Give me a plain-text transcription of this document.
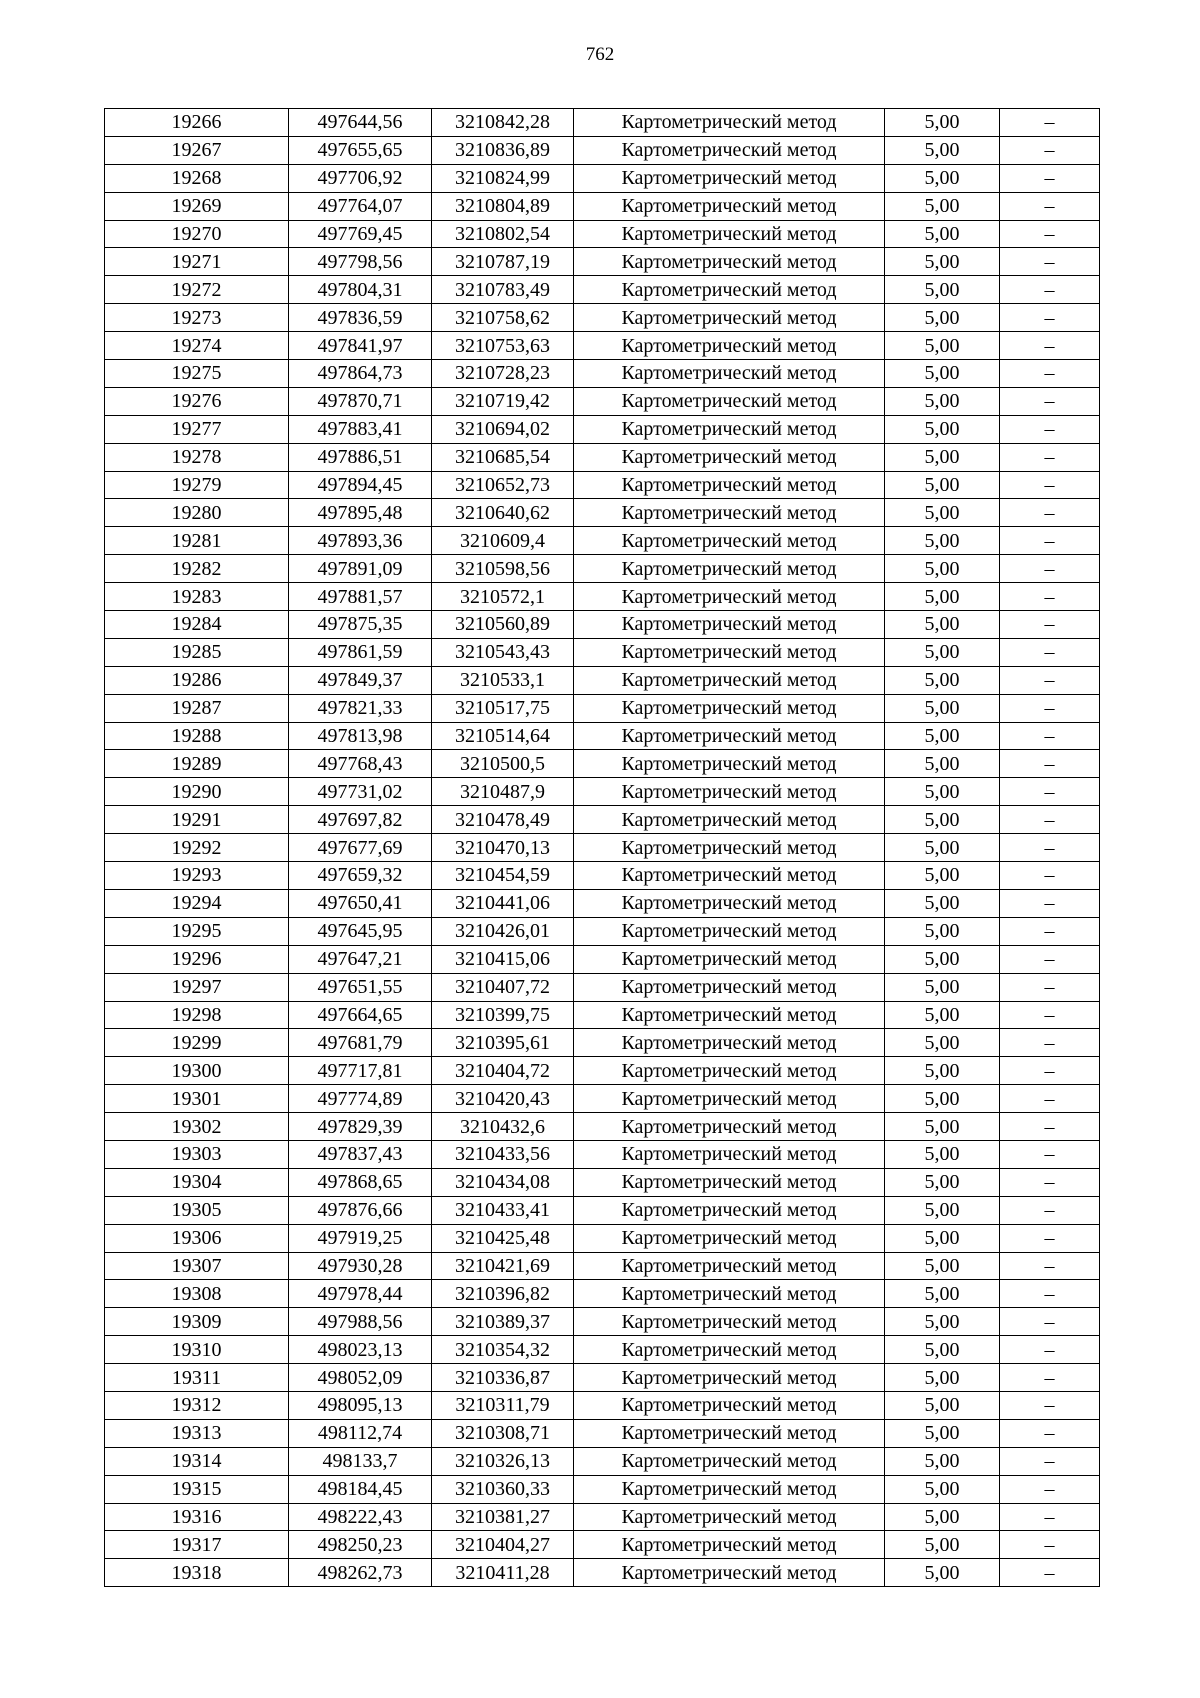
762
19266	497644,56	3210842,28	Картометрический метод	5,00	–
19267	497655,65	3210836,89	Картометрический метод	5,00	–
19268	497706,92	3210824,99	Картометрический метод	5,00	–
19269	497764,07	3210804,89	Картометрический метод	5,00	–
19270	497769,45	3210802,54	Картометрический метод	5,00	–
19271	497798,56	3210787,19	Картометрический метод	5,00	–
19272	497804,31	3210783,49	Картометрический метод	5,00	–
19273	497836,59	3210758,62	Картометрический метод	5,00	–
19274	497841,97	3210753,63	Картометрический метод	5,00	–
19275	497864,73	3210728,23	Картометрический метод	5,00	–
19276	497870,71	3210719,42	Картометрический метод	5,00	–
19277	497883,41	3210694,02	Картометрический метод	5,00	–
19278	497886,51	3210685,54	Картометрический метод	5,00	–
19279	497894,45	3210652,73	Картометрический метод	5,00	–
19280	497895,48	3210640,62	Картометрический метод	5,00	–
19281	497893,36	3210609,4	Картометрический метод	5,00	–
19282	497891,09	3210598,56	Картометрический метод	5,00	–
19283	497881,57	3210572,1	Картометрический метод	5,00	–
19284	497875,35	3210560,89	Картометрический метод	5,00	–
19285	497861,59	3210543,43	Картометрический метод	5,00	–
19286	497849,37	3210533,1	Картометрический метод	5,00	–
19287	497821,33	3210517,75	Картометрический метод	5,00	–
19288	497813,98	3210514,64	Картометрический метод	5,00	–
19289	497768,43	3210500,5	Картометрический метод	5,00	–
19290	497731,02	3210487,9	Картометрический метод	5,00	–
19291	497697,82	3210478,49	Картометрический метод	5,00	–
19292	497677,69	3210470,13	Картометрический метод	5,00	–
19293	497659,32	3210454,59	Картометрический метод	5,00	–
19294	497650,41	3210441,06	Картометрический метод	5,00	–
19295	497645,95	3210426,01	Картометрический метод	5,00	–
19296	497647,21	3210415,06	Картометрический метод	5,00	–
19297	497651,55	3210407,72	Картометрический метод	5,00	–
19298	497664,65	3210399,75	Картометрический метод	5,00	–
19299	497681,79	3210395,61	Картометрический метод	5,00	–
19300	497717,81	3210404,72	Картометрический метод	5,00	–
19301	497774,89	3210420,43	Картометрический метод	5,00	–
19302	497829,39	3210432,6	Картометрический метод	5,00	–
19303	497837,43	3210433,56	Картометрический метод	5,00	–
19304	497868,65	3210434,08	Картометрический метод	5,00	–
19305	497876,66	3210433,41	Картометрический метод	5,00	–
19306	497919,25	3210425,48	Картометрический метод	5,00	–
19307	497930,28	3210421,69	Картометрический метод	5,00	–
19308	497978,44	3210396,82	Картометрический метод	5,00	–
19309	497988,56	3210389,37	Картометрический метод	5,00	–
19310	498023,13	3210354,32	Картометрический метод	5,00	–
19311	498052,09	3210336,87	Картометрический метод	5,00	–
19312	498095,13	3210311,79	Картометрический метод	5,00	–
19313	498112,74	3210308,71	Картометрический метод	5,00	–
19314	498133,7	3210326,13	Картометрический метод	5,00	–
19315	498184,45	3210360,33	Картометрический метод	5,00	–
19316	498222,43	3210381,27	Картометрический метод	5,00	–
19317	498250,23	3210404,27	Картометрический метод	5,00	–
19318	498262,73	3210411,28	Картометрический метод	5,00	–
